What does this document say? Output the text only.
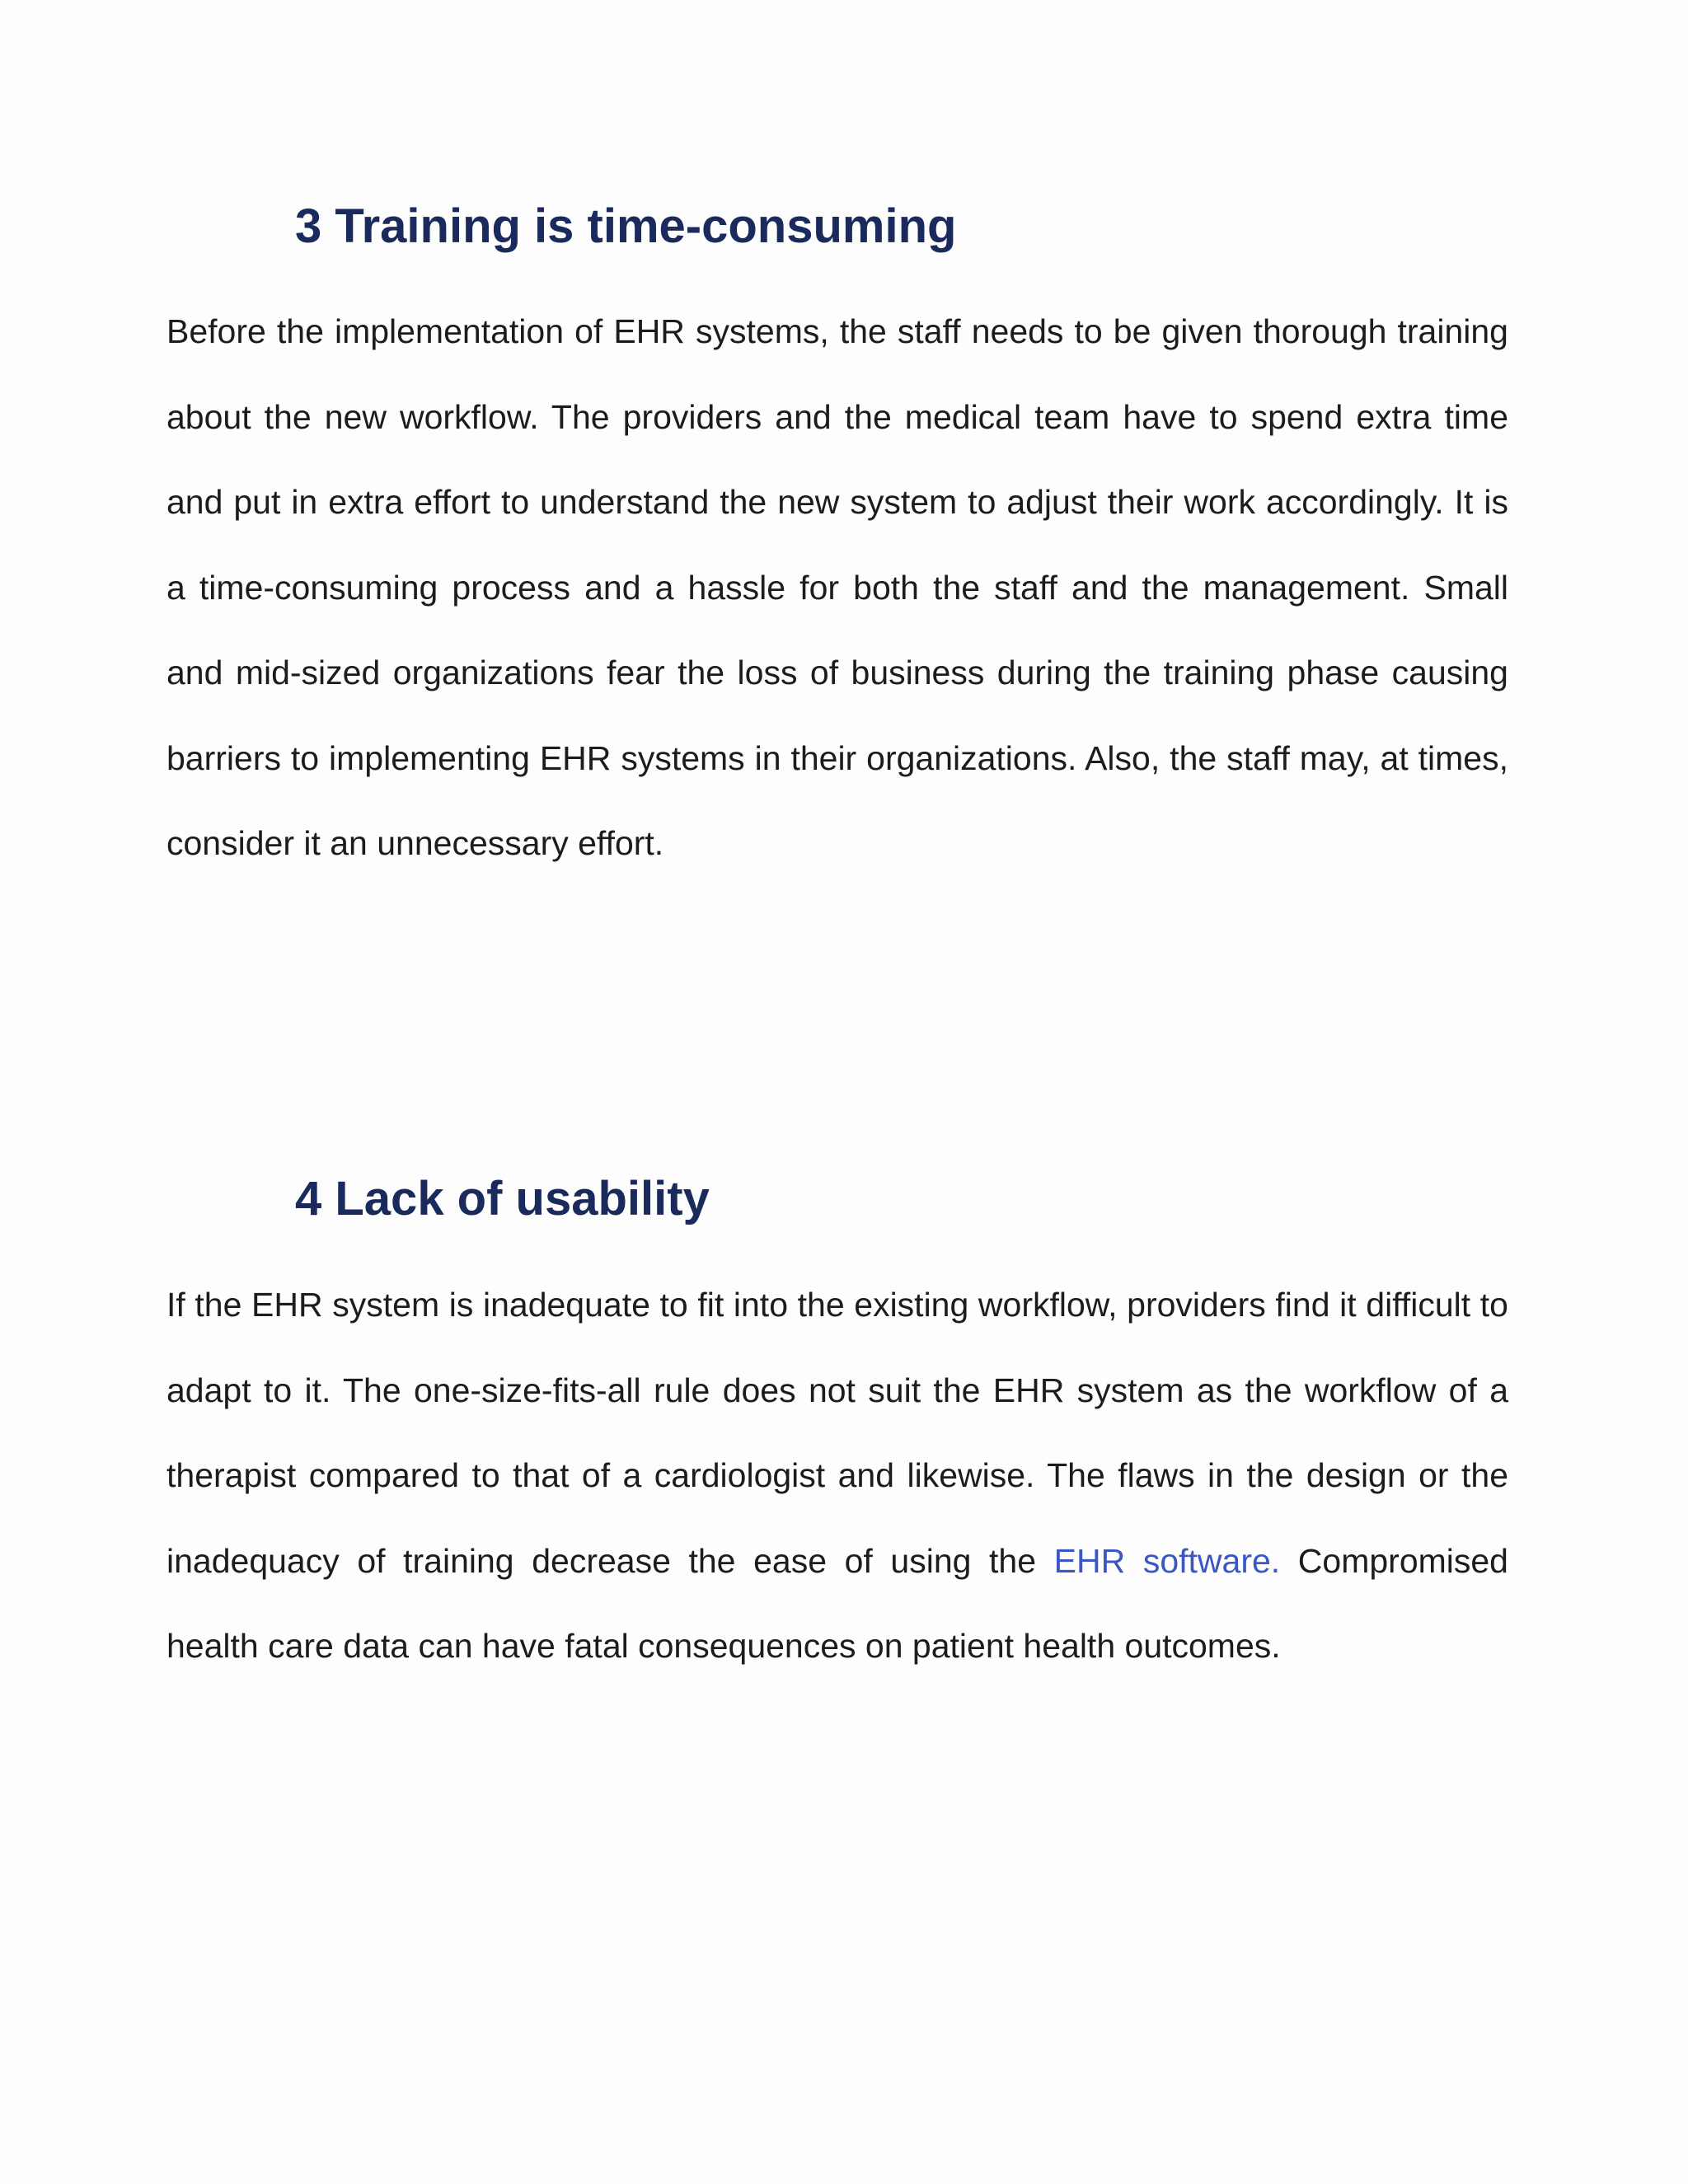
3 Training is time-consuming

Before the implementation of EHR systems, the staff needs to be given thorough training about the new workflow. The providers and the medical team have to spend extra time and put in extra effort to understand the new system to adjust their work accordingly. It is a time-consuming process and a hassle for both the staff and the management. Small and mid-sized organizations fear the loss of business during the training phase causing barriers to implementing EHR systems in their organizations. Also, the staff may, at times, consider it an unnecessary effort.

4 Lack of usability

If the EHR system is inadequate to fit into the existing workflow, providers find it difficult to adapt to it. The one-size-fits-all rule does not suit the EHR system as the workflow of a therapist compared to that of a cardiologist and likewise. The flaws in the design or the inadequacy of training decrease the ease of using the EHR software. Compromised health care data can have fatal consequences on patient health outcomes.
